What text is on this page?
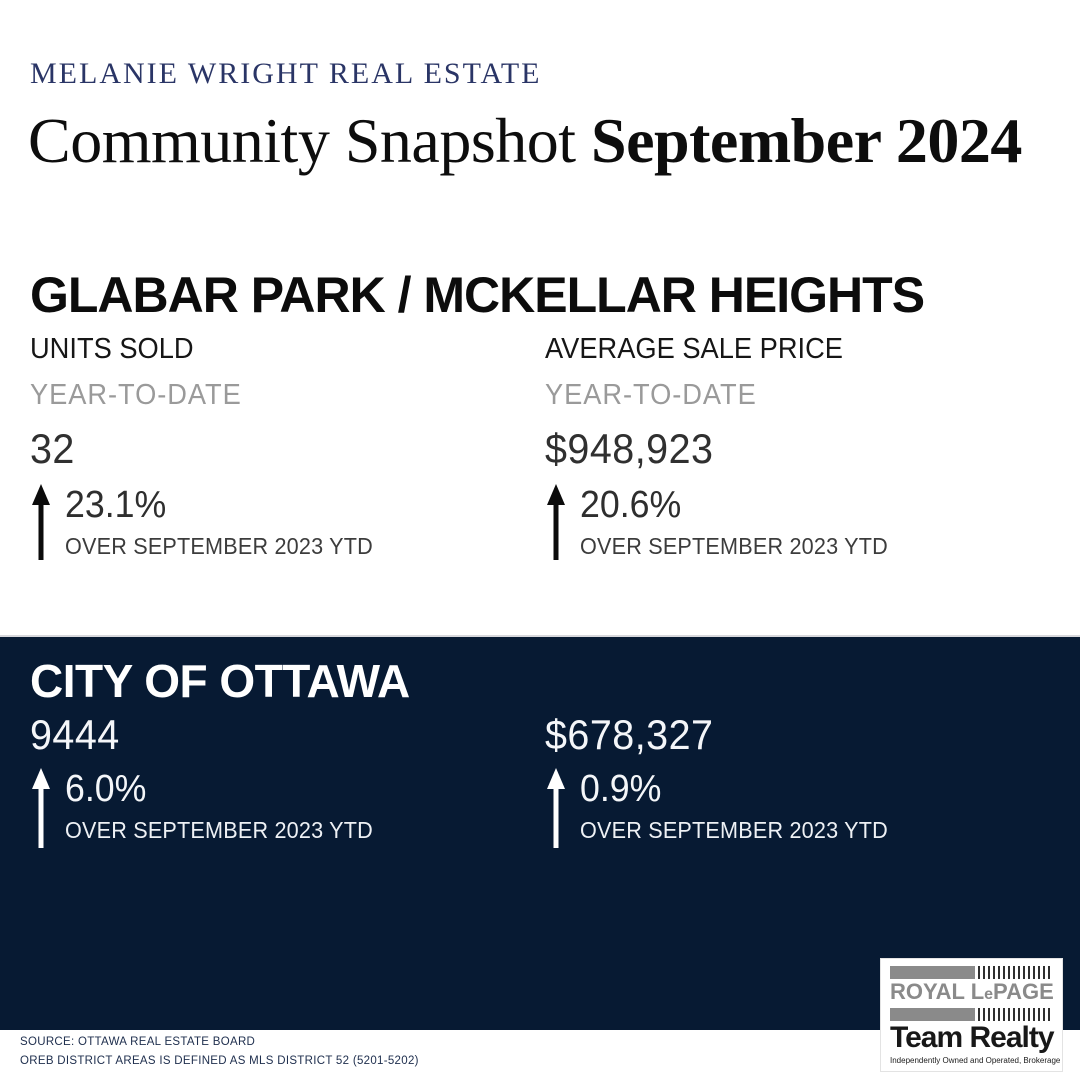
MELANIE WRIGHT REAL ESTATE
Community Snapshot September 2024
GLABAR PARK / MCKELLAR HEIGHTS
UNITS SOLD
YEAR-TO-DATE
32
23.1%
OVER SEPTEMBER 2023 YTD
AVERAGE SALE PRICE
YEAR-TO-DATE
$948,923
20.6%
OVER SEPTEMBER 2023 YTD
CITY OF OTTAWA
9444
6.0%
OVER SEPTEMBER 2023 YTD
$678,327
0.9%
OVER SEPTEMBER 2023 YTD
SOURCE: OTTAWA REAL ESTATE BOARD
OREB DISTRICT AREAS IS DEFINED AS MLS DISTRICT 52 (5201-5202)
ROYAL LePAGE
Team Realty
Independently Owned and Operated, Brokerage
